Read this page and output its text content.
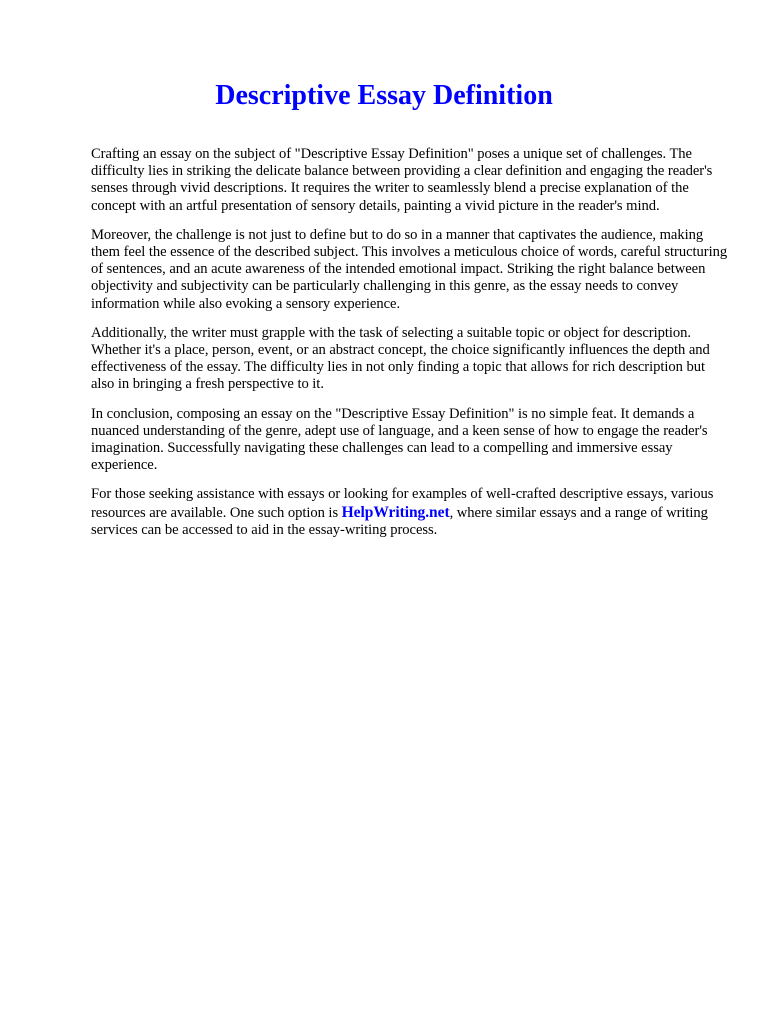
Descriptive Essay Definition

Crafting an essay on the subject of "Descriptive Essay Definition" poses a unique set of challenges. The difficulty lies in striking the delicate balance between providing a clear definition and engaging the reader's senses through vivid descriptions. It requires the writer to seamlessly blend a precise explanation of the concept with an artful presentation of sensory details, painting a vivid picture in the reader's mind.

Moreover, the challenge is not just to define but to do so in a manner that captivates the audience, making them feel the essence of the described subject. This involves a meticulous choice of words, careful structuring of sentences, and an acute awareness of the intended emotional impact. Striking the right balance between objectivity and subjectivity can be particularly challenging in this genre, as the essay needs to convey information while also evoking a sensory experience.

Additionally, the writer must grapple with the task of selecting a suitable topic or object for description. Whether it's a place, person, event, or an abstract concept, the choice significantly influences the depth and effectiveness of the essay. The difficulty lies in not only finding a topic that allows for rich description but also in bringing a fresh perspective to it.

In conclusion, composing an essay on the "Descriptive Essay Definition" is no simple feat. It demands a nuanced understanding of the genre, adept use of language, and a keen sense of how to engage the reader's imagination. Successfully navigating these challenges can lead to a compelling and immersive essay experience.

For those seeking assistance with essays or looking for examples of well-crafted descriptive essays, various resources are available. One such option is HelpWriting.net, where similar essays and a range of writing services can be accessed to aid in the essay-writing process.
